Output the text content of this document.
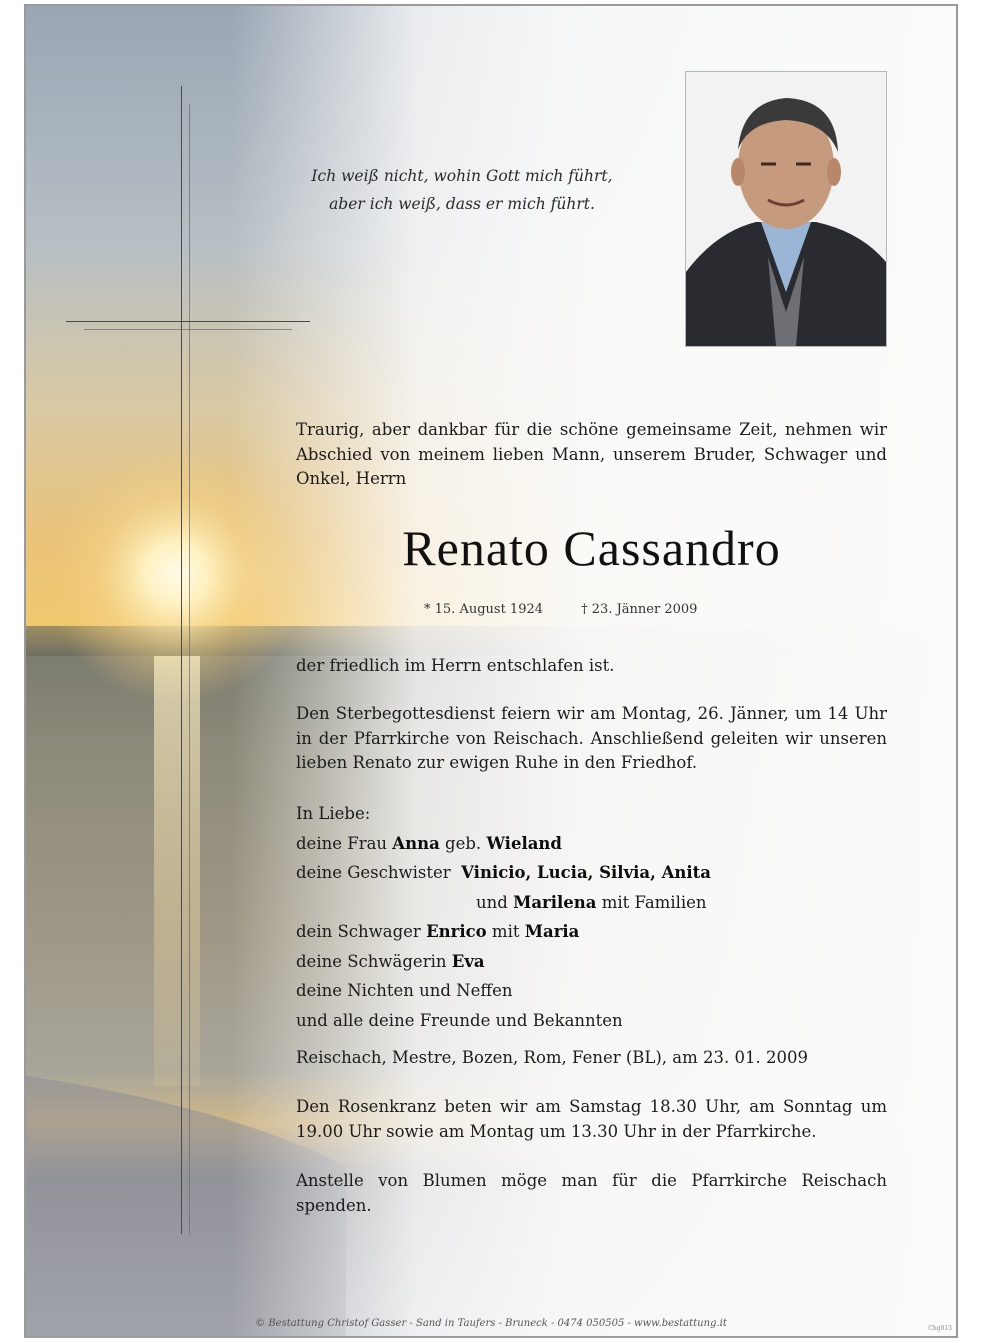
Ich weiß nicht, wohin Gott mich führt,
aber ich weiß, dass er mich führt.
Traurig, aber dankbar für die schöne gemeinsame Zeit, nehmen wir Abschied von meinem lieben Mann, unserem Bruder, Schwager und Onkel, Herrn
Renato Cassandro
* 15. August 1924	† 23. Jänner 2009
der friedlich im Herrn entschlafen ist.
Den Sterbegottesdienst feiern wir am Montag, 26. Jänner, um 14 Uhr in der Pfarrkirche von Reischach. Anschließend geleiten wir unseren lieben Renato zur ewigen Ruhe in den Friedhof.
In Liebe:
deine Frau Anna geb. Wieland
deine Geschwister Vinicio, Lucia, Silvia, Anita
und Marilena mit Familien
dein Schwager Enrico mit Maria
deine Schwägerin Eva
deine Nichten und Neffen
und alle deine Freunde und Bekannten
Reischach, Mestre, Bozen, Rom, Fener (BL), am 23. 01. 2009
Den Rosenkranz beten wir am Samstag 18.30 Uhr, am Sonntag um 19.00 Uhr sowie am Montag um 13.30 Uhr in der Pfarrkirche.
Anstelle von Blumen möge man für die Pfarrkirche Reischach spenden.
© Bestattung Christof Gasser - Sand in Taufers - Bruneck - 0474 050505 - www.bestattung.it	Chg013
